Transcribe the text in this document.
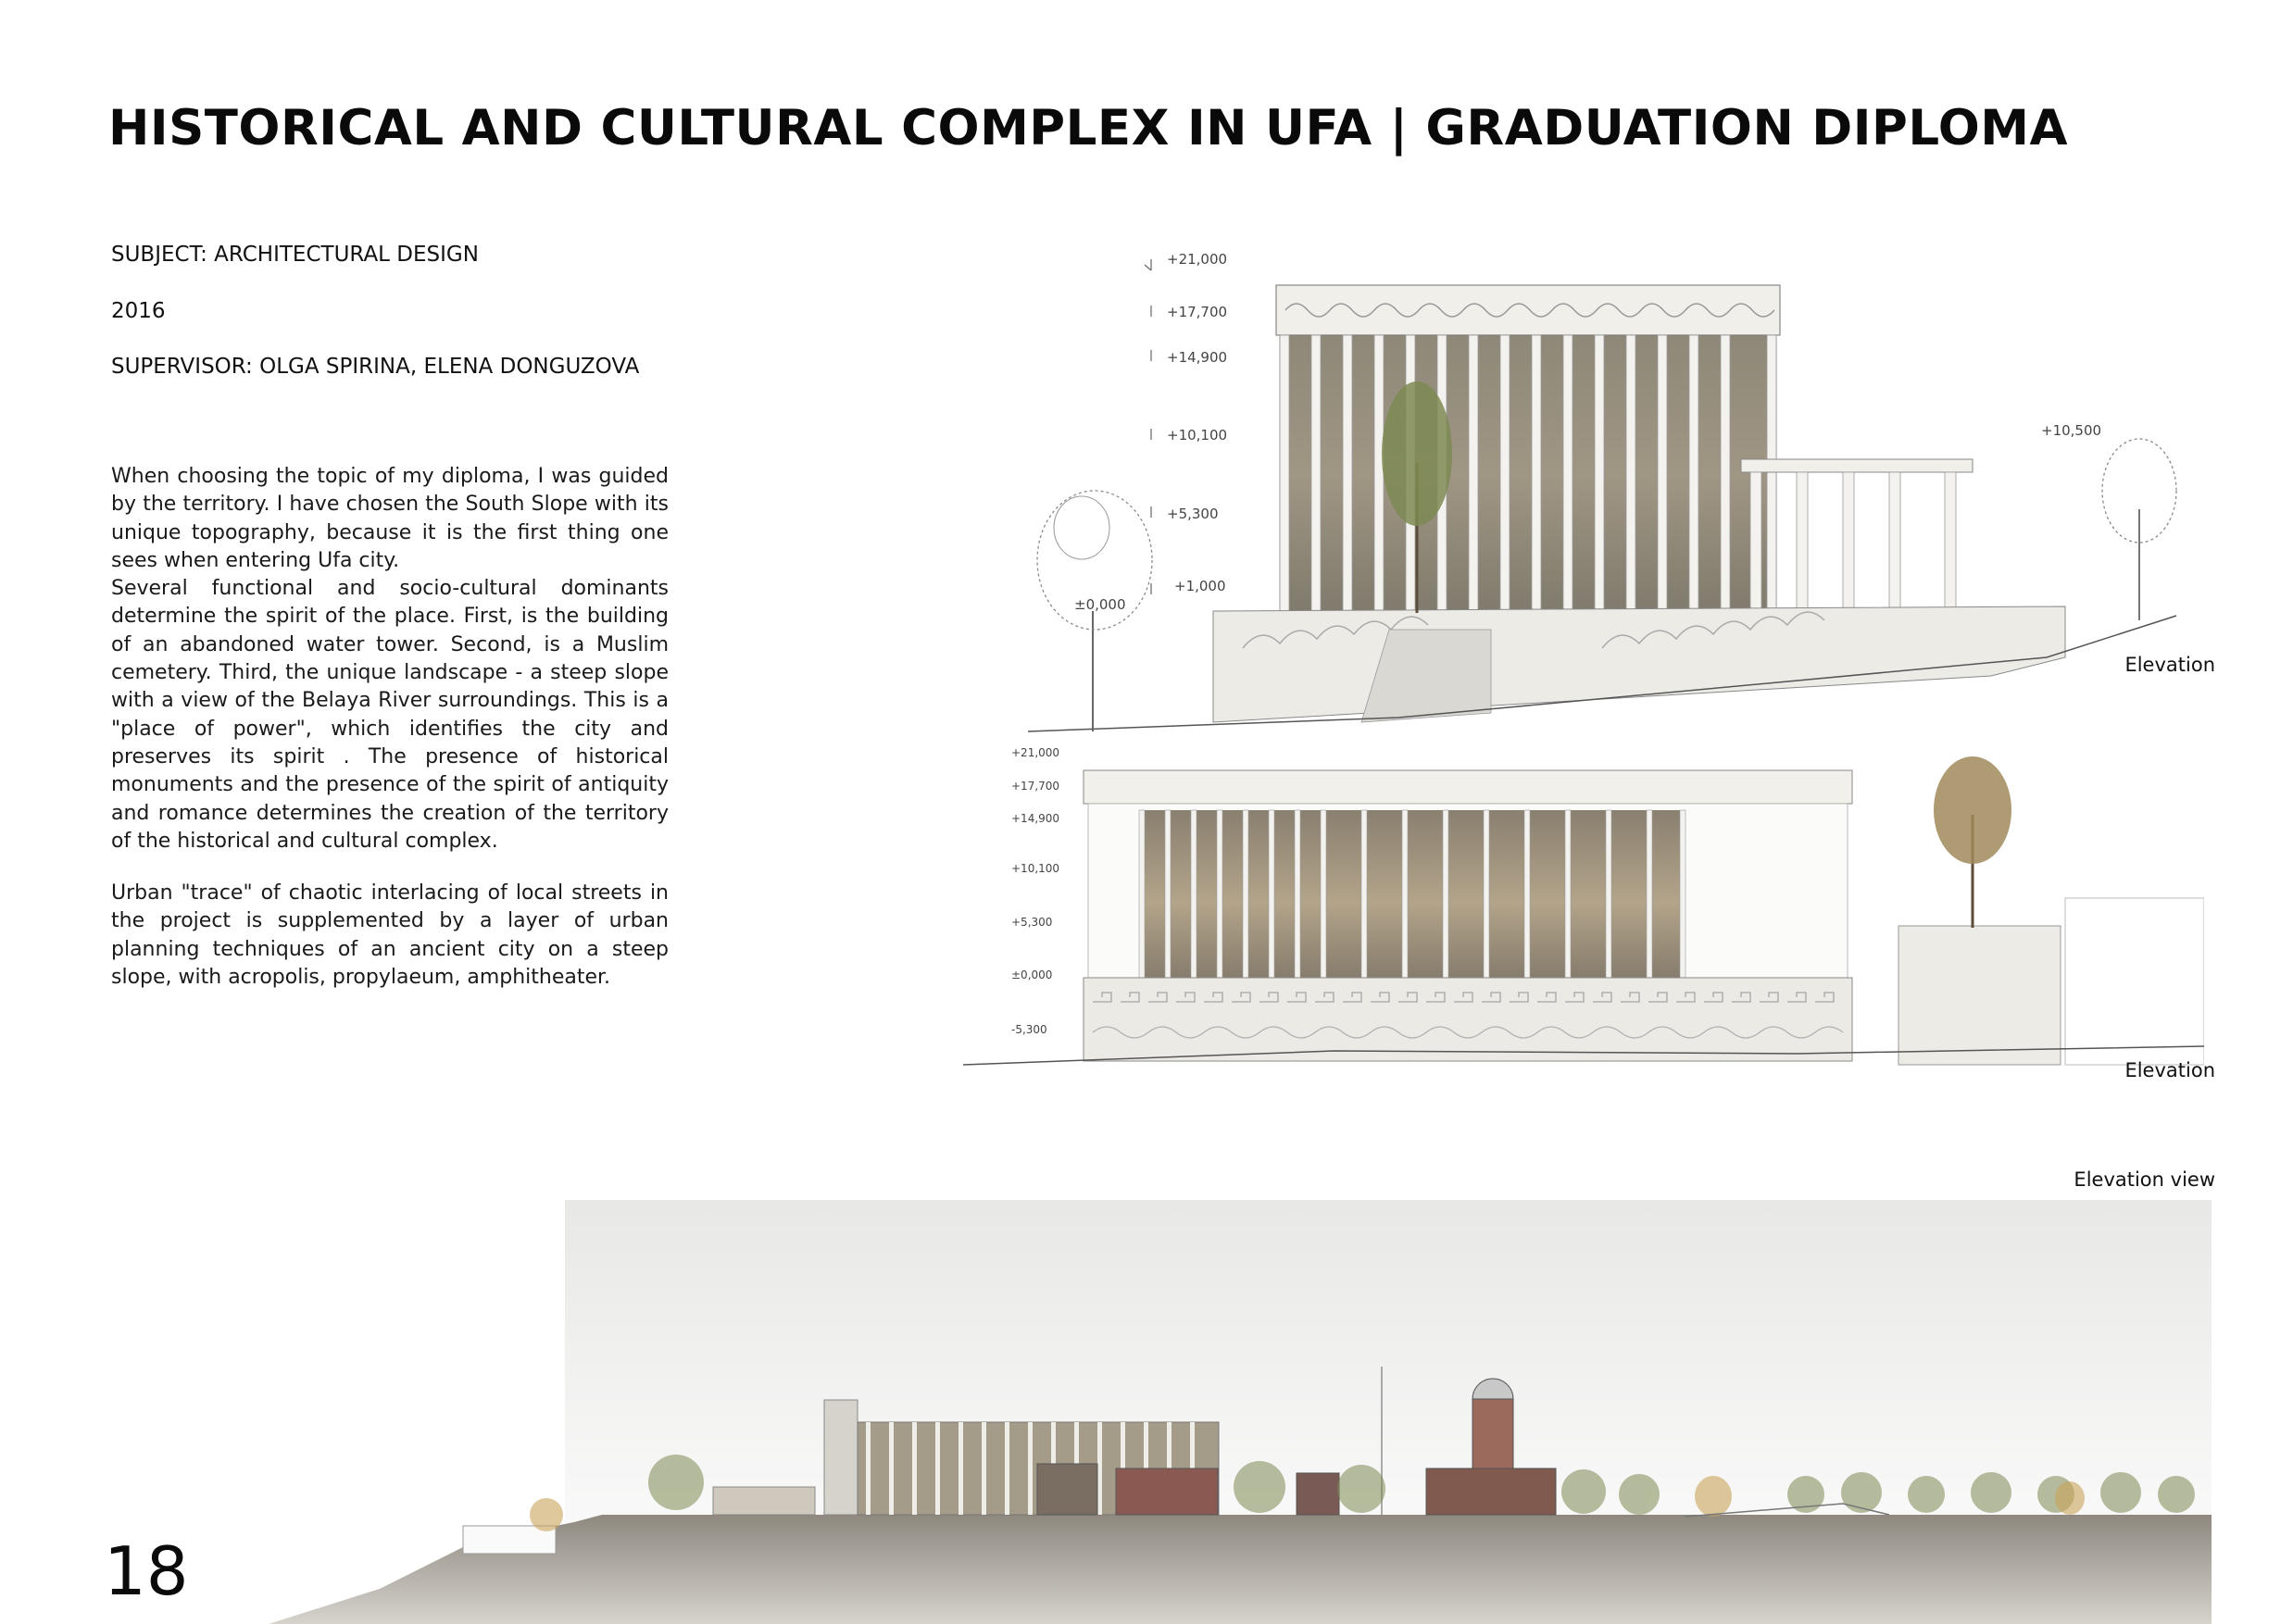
HISTORICAL AND CULTURAL COMPLEX IN UFA | GRADUATION DIPLOMA
SUBJECT: ARCHITECTURAL DESIGN
2016
SUPERVISOR: OLGA SPIRINA, ELENA DONGUZOVA

When choosing the topic of my diploma, I was guided by the territory. I have chosen the South Slope with its unique topography, because it is the first thing one sees when entering Ufa city.

Several functional and socio-cultural dominants determine the spirit of the place. First, is the building of an abandoned water tower. Second, is a Muslim cemetery. Third, the unique landscape - a steep slope with a view of the Belaya River surroundings. This is a "place of power", which identifies the city and preserves its spirit . The presence of historical monuments and the presence of the spirit of antiquity and romance determines the creation of the territory of the historical and cultural complex.

Urban "trace" of chaotic interlacing of local streets in the project is supplemented by a layer of urban planning techniques of an ancient city on a steep slope, with acropolis, propylaeum, amphitheater.

+21,000
+17,700
+14,900
+10,100
+5,300
+1,000
±0,000
+10,500
Elevation
+21,000
+17,700
+14,900
+10,100
+5,300
±0,000
-5,300
Elevation
Elevation view
18
